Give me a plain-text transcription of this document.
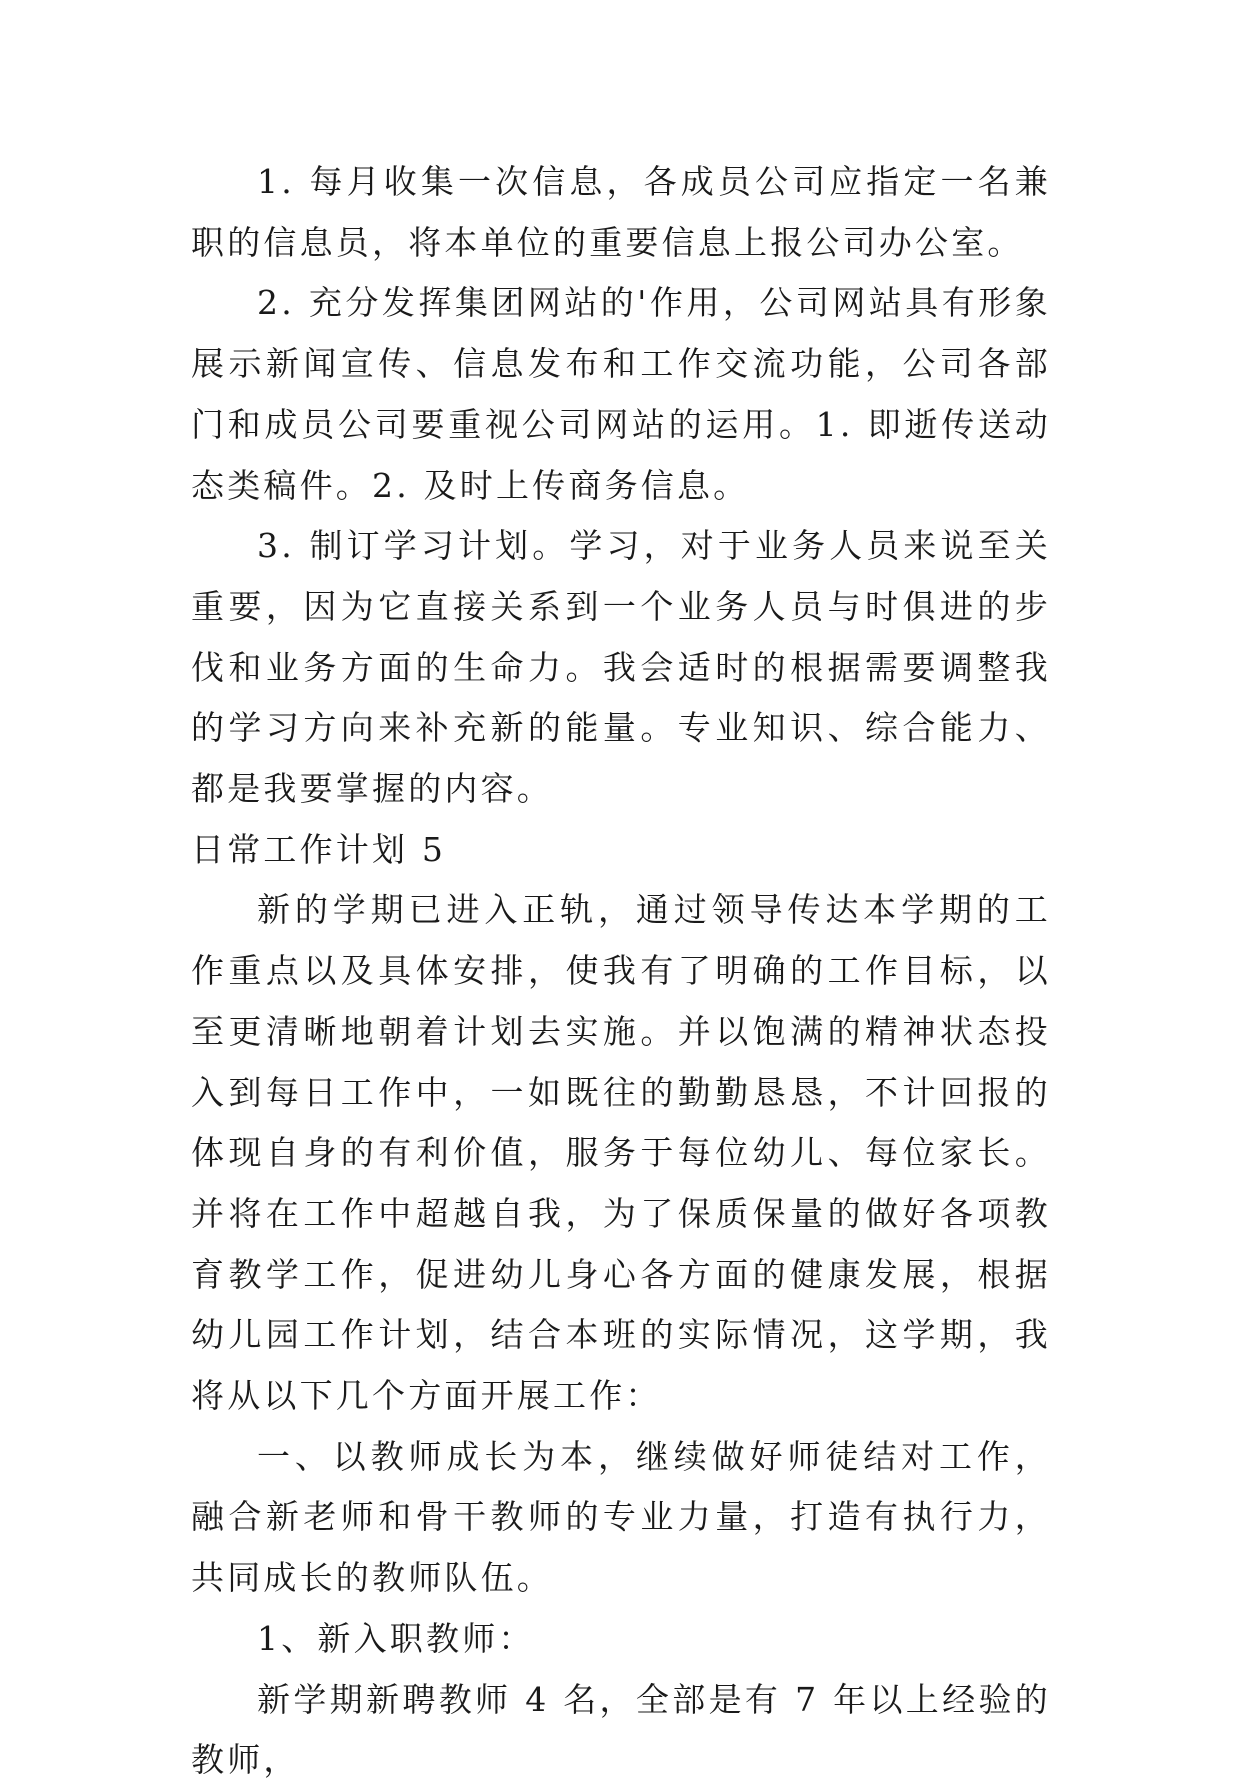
1. 每月收集一次信息，各成员公司应指定一名兼职的信息员，将本单位的重要信息上报公司办公室。

2. 充分发挥集团网站的'作用，公司网站具有形象展示新闻宣传、信息发布和工作交流功能，公司各部门和成员公司要重视公司网站的运用。1. 即逝传送动态类稿件。2. 及时上传商务信息。

3. 制订学习计划。学习，对于业务人员来说至关重要，因为它直接关系到一个业务人员与时俱进的步伐和业务方面的生命力。我会适时的根据需要调整我的学习方向来补充新的能量。专业知识、综合能力、都是我要掌握的内容。

日常工作计划 5

新的学期已进入正轨，通过领导传达本学期的工作重点以及具体安排，使我有了明确的工作目标，以至更清晰地朝着计划去实施。并以饱满的精神状态投入到每日工作中，一如既往的勤勤恳恳，不计回报的体现自身的有利价值，服务于每位幼儿、每位家长。并将在工作中超越自我，为了保质保量的做好各项教育教学工作，促进幼儿身心各方面的健康发展，根据幼儿园工作计划，结合本班的实际情况，这学期，我将从以下几个方面开展工作：

一、以教师成长为本，继续做好师徒结对工作，融合新老师和骨干教师的专业力量，打造有执行力，共同成长的教师队伍。

1、新入职教师：

新学期新聘教师 4 名，全部是有 7 年以上经验的教师，
